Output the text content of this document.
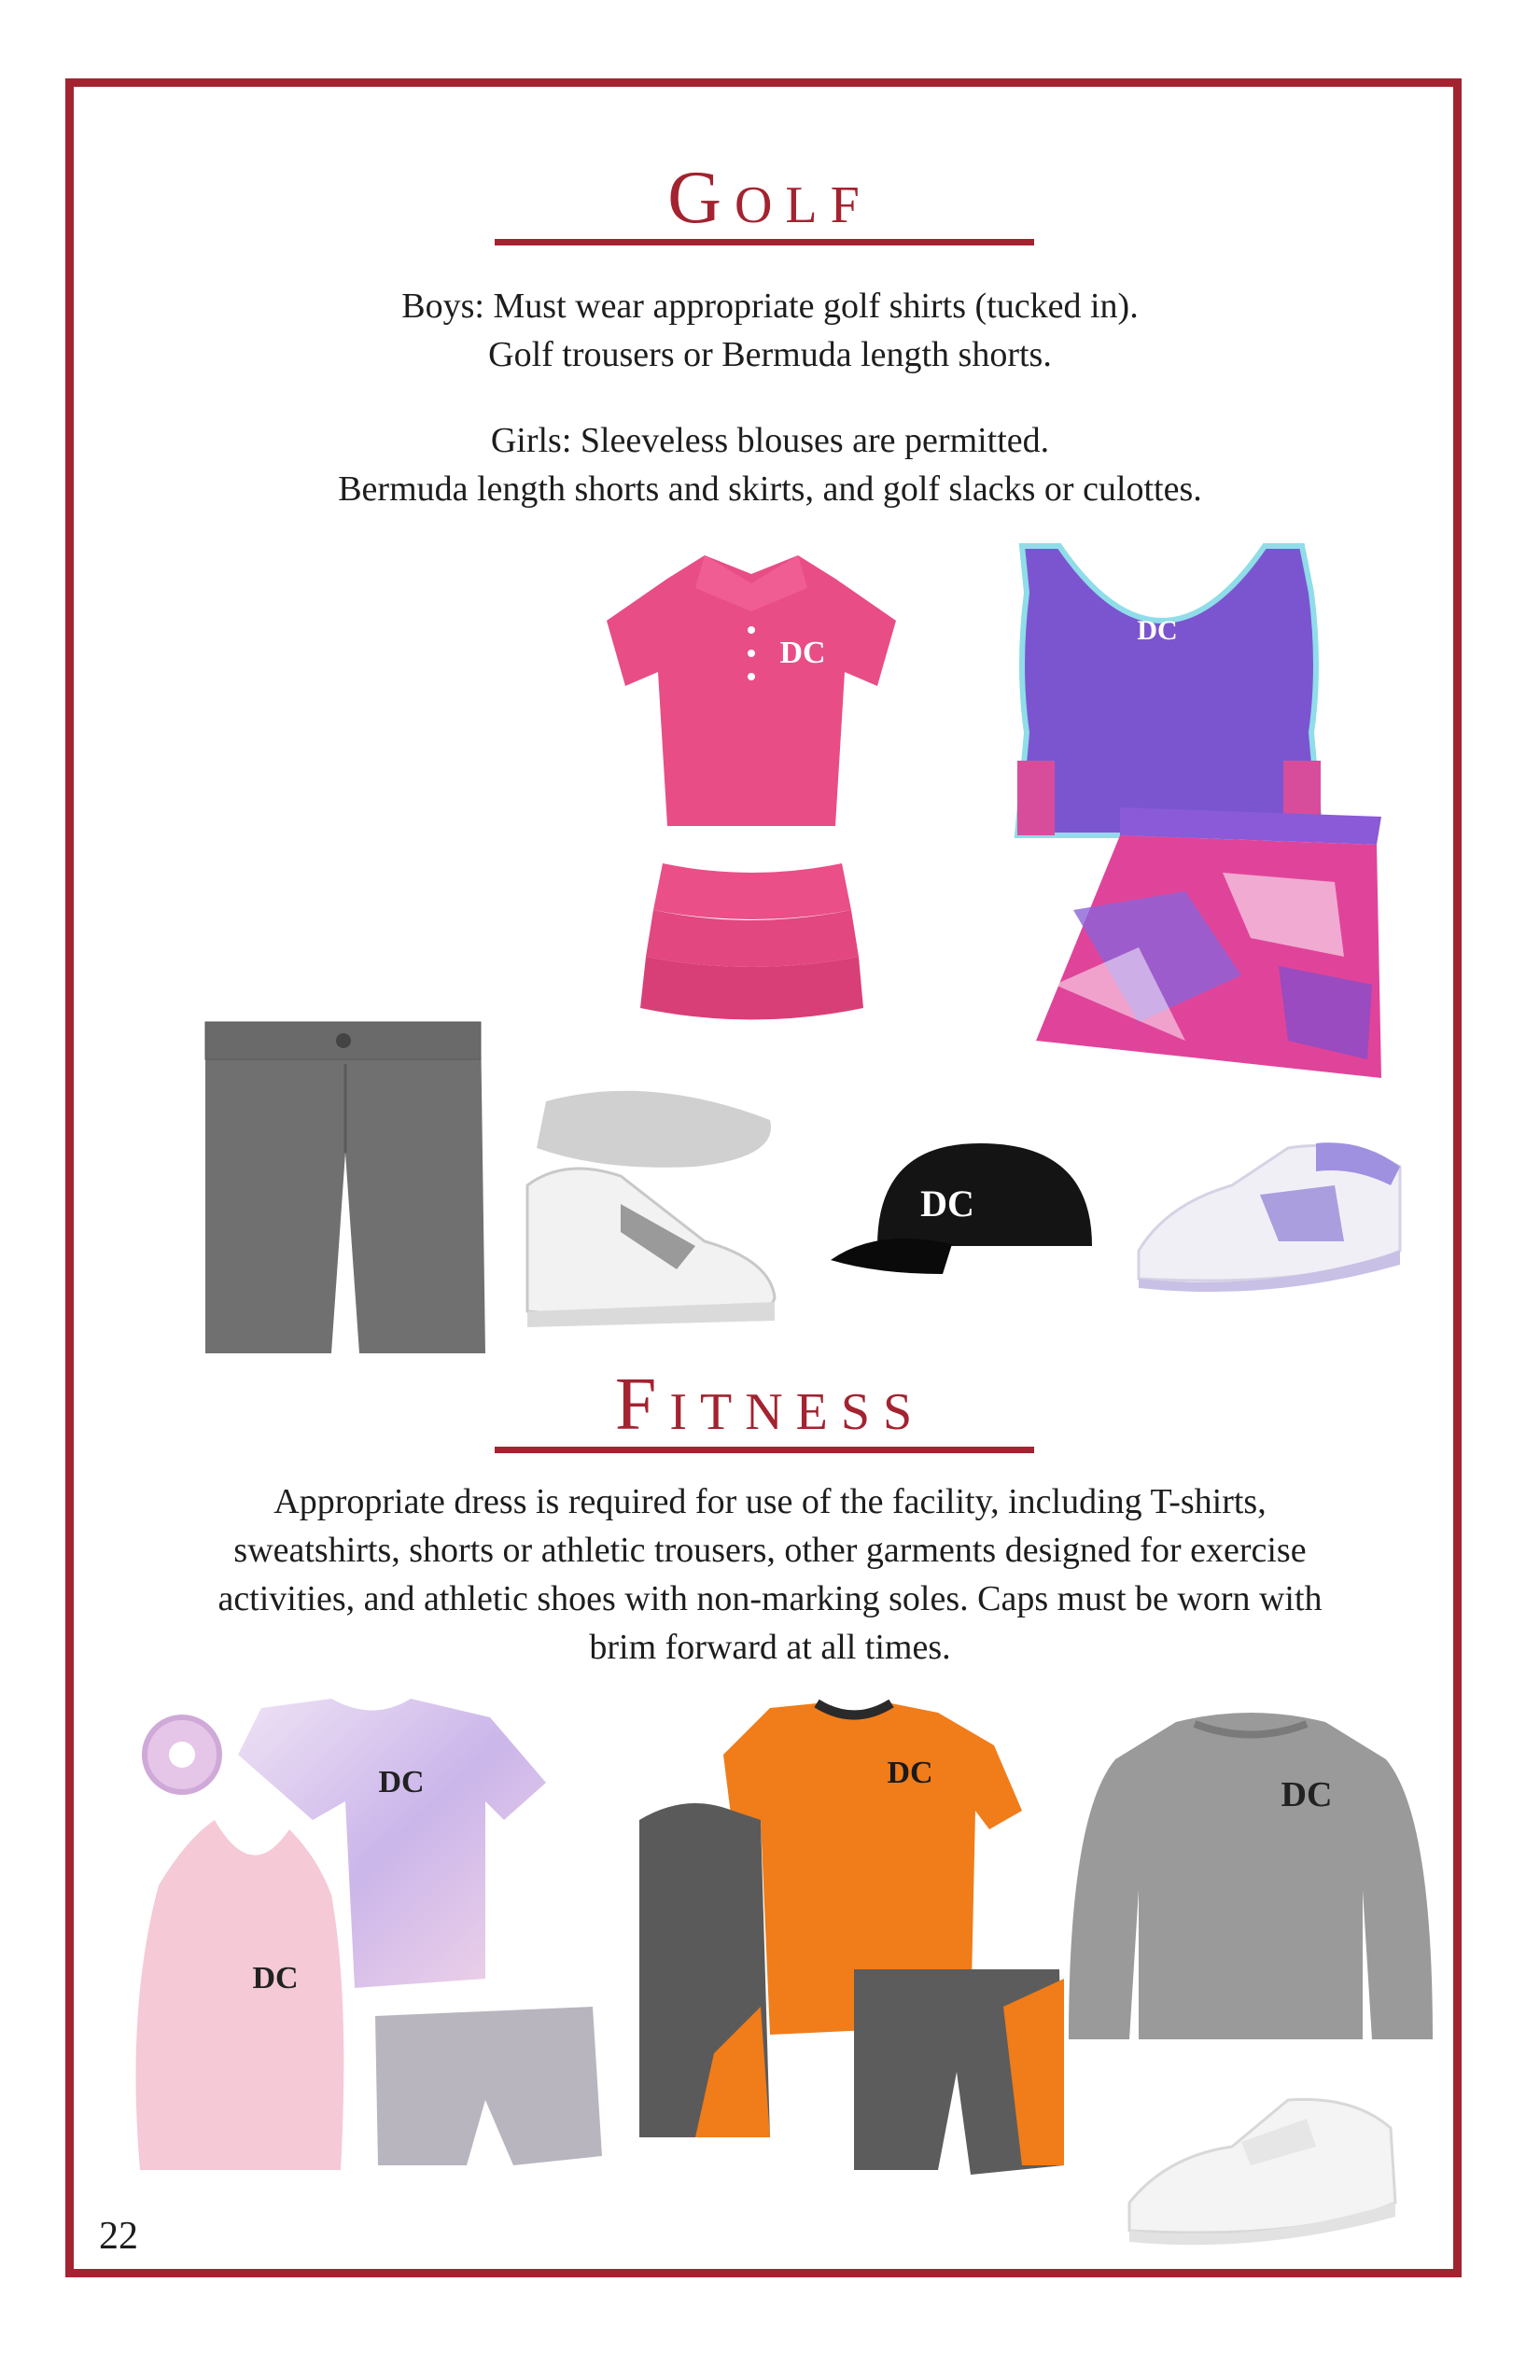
Golf
Boys: Must wear appropriate golf shirts (tucked in).
Golf trousers or Bermuda length shorts.
Girls: Sleeveless blouses are permitted.
Bermuda length shorts and skirts, and golf slacks or culottes.
DC
DC
DC
Fitness
Appropriate dress is required for use of the facility, including T-shirts,
sweatshirts, shorts or athletic trousers, other garments designed for exercise
activities, and athletic shoes with non-marking soles. Caps must be worn with
brim forward at all times.
DC
DC
DC
DC
22
